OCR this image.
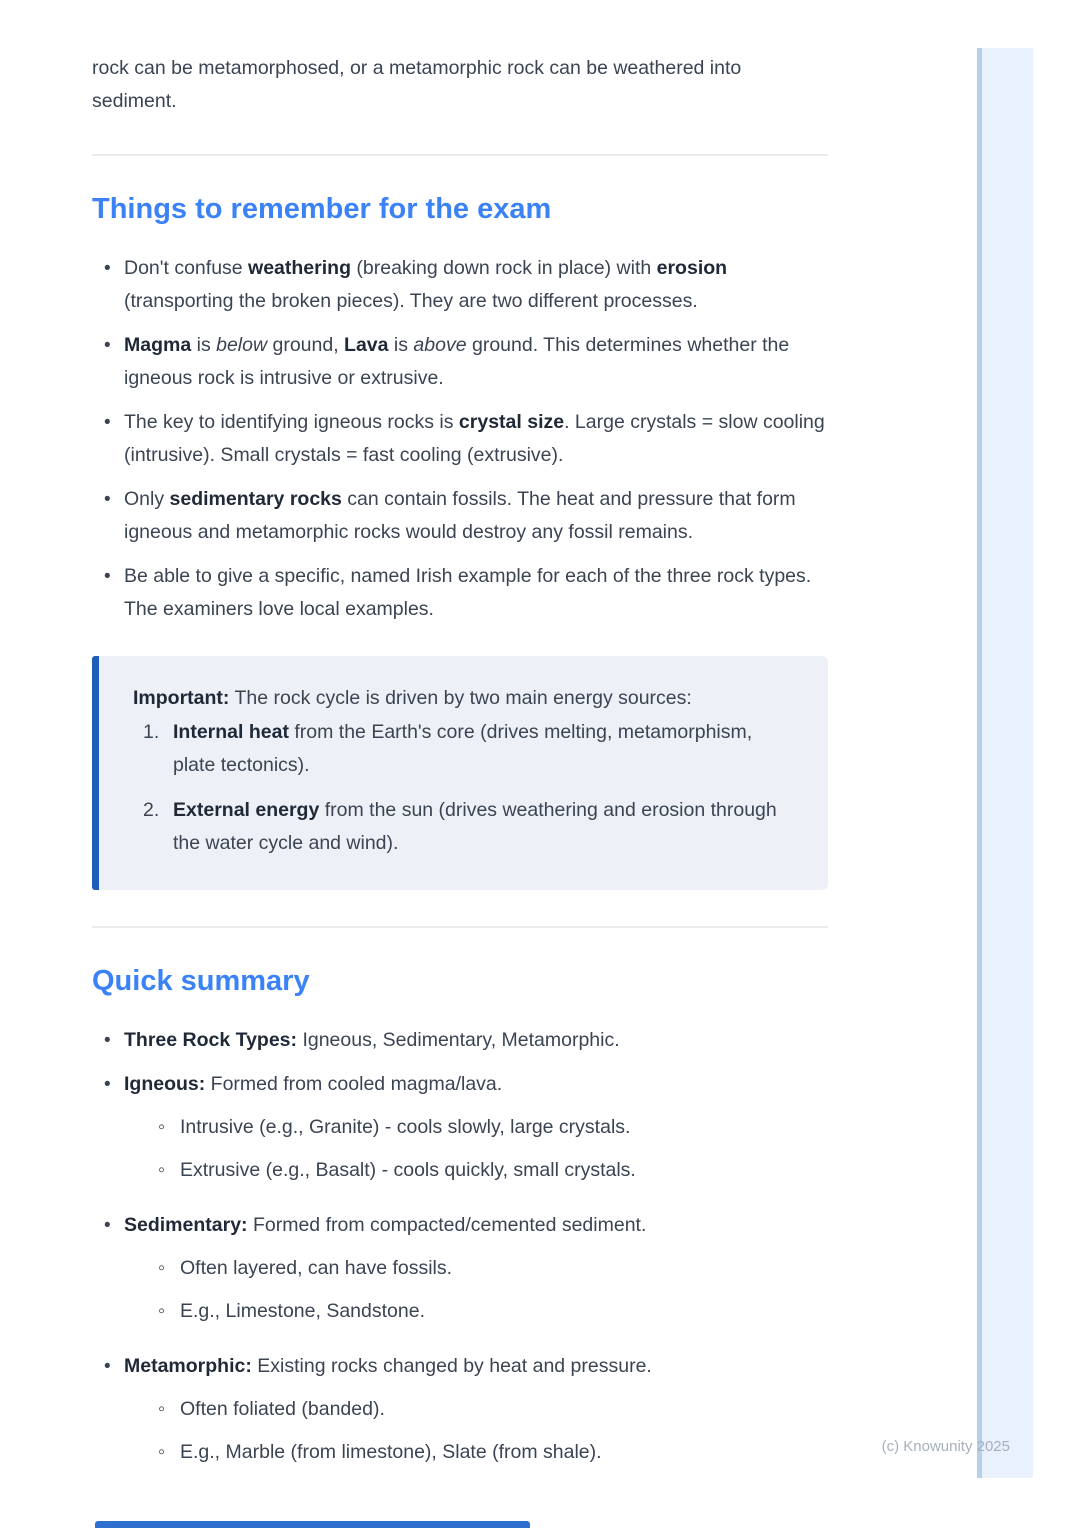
rock can be metamorphosed, or a metamorphic rock can be weathered into sediment.

Things to remember for the exam
• Don't confuse weathering (breaking down rock in place) with erosion (transporting the broken pieces). They are two different processes.
• Magma is below ground, Lava is above ground. This determines whether the igneous rock is intrusive or extrusive.
• The key to identifying igneous rocks is crystal size. Large crystals = slow cooling (intrusive). Small crystals = fast cooling (extrusive).
• Only sedimentary rocks can contain fossils. The heat and pressure that form igneous and metamorphic rocks would destroy any fossil remains.
• Be able to give a specific, named Irish example for each of the three rock types. The examiners love local examples.
Important: The rock cycle is driven by two main energy sources:
Internal heat from the Earth's core (drives melting, metamorphism, plate tectonics).
External energy from the sun (drives weathering and erosion through the water cycle and wind).
Quick summary
• Three Rock Types: Igneous, Sedimentary, Metamorphic.
• Igneous: Formed from cooled magma/lava.
◦ Intrusive (e.g., Granite) - cools slowly, large crystals.
◦ Extrusive (e.g., Basalt) - cools quickly, small crystals.
• Sedimentary: Formed from compacted/cemented sediment.
◦ Often layered, can have fossils.
◦ E.g., Limestone, Sandstone.
• Metamorphic: Existing rocks changed by heat and pressure.
◦ Often foliated (banded).
◦ E.g., Marble (from limestone), Slate (from shale).	(c) Knowunity 2025
